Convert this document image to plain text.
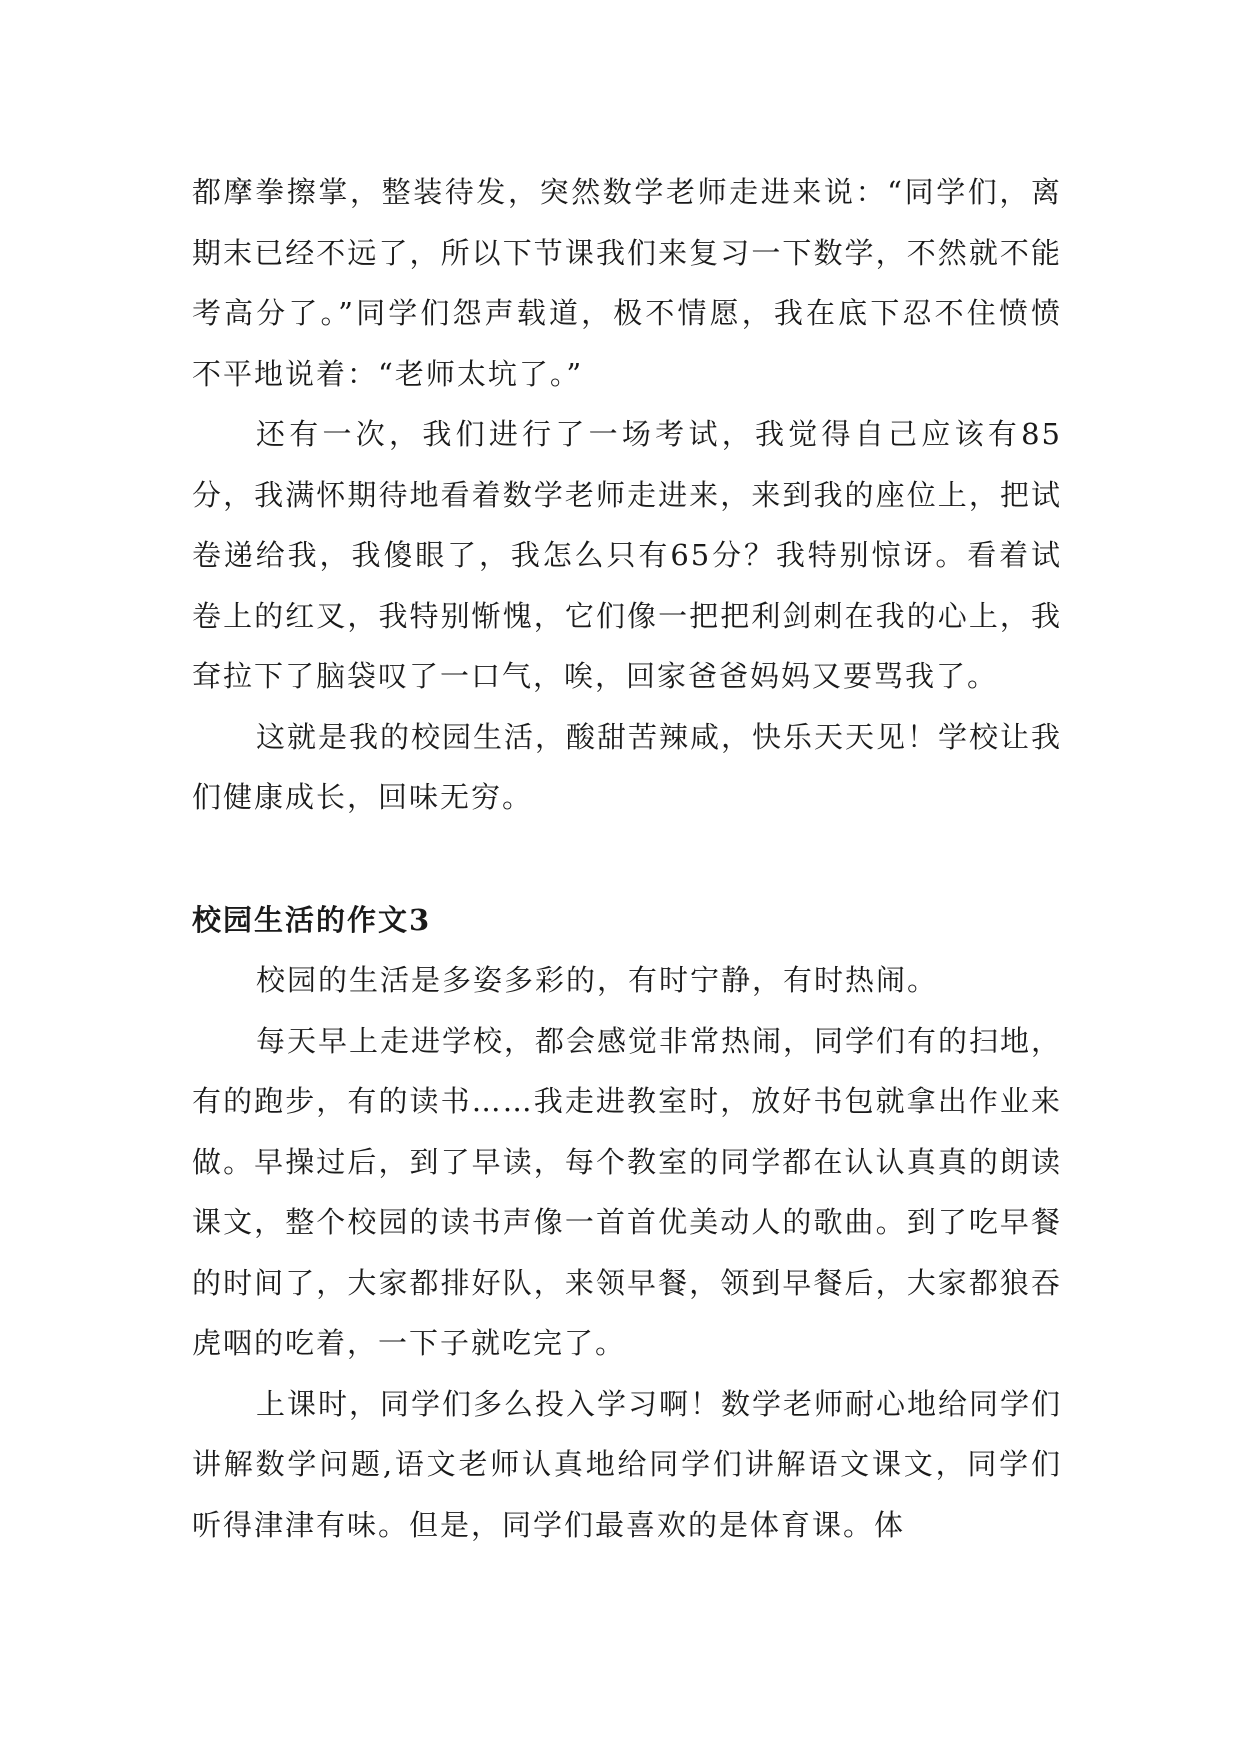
都摩拳擦掌，整装待发，突然数学老师走进来说：“同学们，离期末已经不远了，所以下节课我们来复习一下数学，不然就不能考高分了。”同学们怨声载道，极不情愿，我在底下忍不住愤愤不平地说着：“老师太坑了。”

还有一次，我们进行了一场考试，我觉得自己应该有85分，我满怀期待地看着数学老师走进来，来到我的座位上，把试卷递给我，我傻眼了，我怎么只有65分？我特别惊讶。看着试卷上的红叉，我特别惭愧，它们像一把把利剑刺在我的心上，我耷拉下了脑袋叹了一口气，唉，回家爸爸妈妈又要骂我了。

这就是我的校园生活，酸甜苦辣咸，快乐天天见！学校让我们健康成长，回味无穷。

校园生活的作文3

校园的生活是多姿多彩的，有时宁静，有时热闹。

每天早上走进学校，都会感觉非常热闹，同学们有的扫地，有的跑步，有的读书……我走进教室时，放好书包就拿出作业来做。早操过后，到了早读，每个教室的同学都在认认真真的朗读课文，整个校园的读书声像一首首优美动人的歌曲。到了吃早餐的时间了，大家都排好队，来领早餐，领到早餐后，大家都狼吞虎咽的吃着，一下子就吃完了。

上课时，同学们多么投入学习啊！数学老师耐心地给同学们讲解数学问题,语文老师认真地给同学们讲解语文课文，同学们听得津津有味。但是，同学们最喜欢的是体育课。体
